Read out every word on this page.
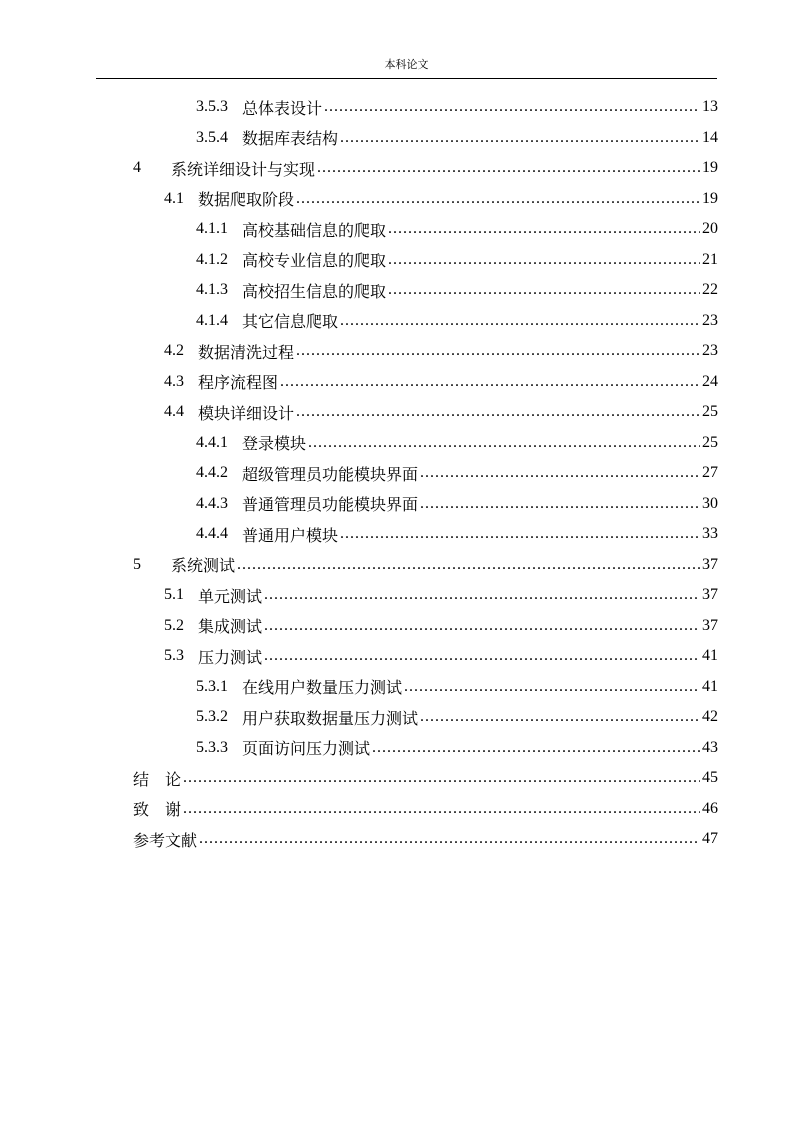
本科论文
3.5.3 总体表设计 .....	13
3.5.4 数据库表结构 .....	14
4	系统详细设计与实现 .....	19
4.1 数据爬取阶段 .....	19
4.1.1 高校基础信息的爬取 .....	20
4.1.2 高校专业信息的爬取 .....	21
4.1.3 高校招生信息的爬取 .....	22
4.1.4 其它信息爬取 .....	23
4.2 数据清洗过程 .....	23
4.3 程序流程图 .....	24
4.4 模块详细设计 .....	25
4.4.1 登录模块 .....	25
4.4.2 超级管理员功能模块界面 .....	27
4.4.3 普通管理员功能模块界面 .....	30
4.4.4 普通用户模块 .....	33
5	系统测试 .....	37
5.1 单元测试 .....	37
5.2 集成测试 .....	37
5.3 压力测试 .....	41
5.3.1 在线用户数量压力测试 .....	41
5.3.2 用户获取数据量压力测试 .....	42
5.3.3 页面访问压力测试 .....	43
结　论 .....	45
致　谢 .....	46
参考文献 .....	47
